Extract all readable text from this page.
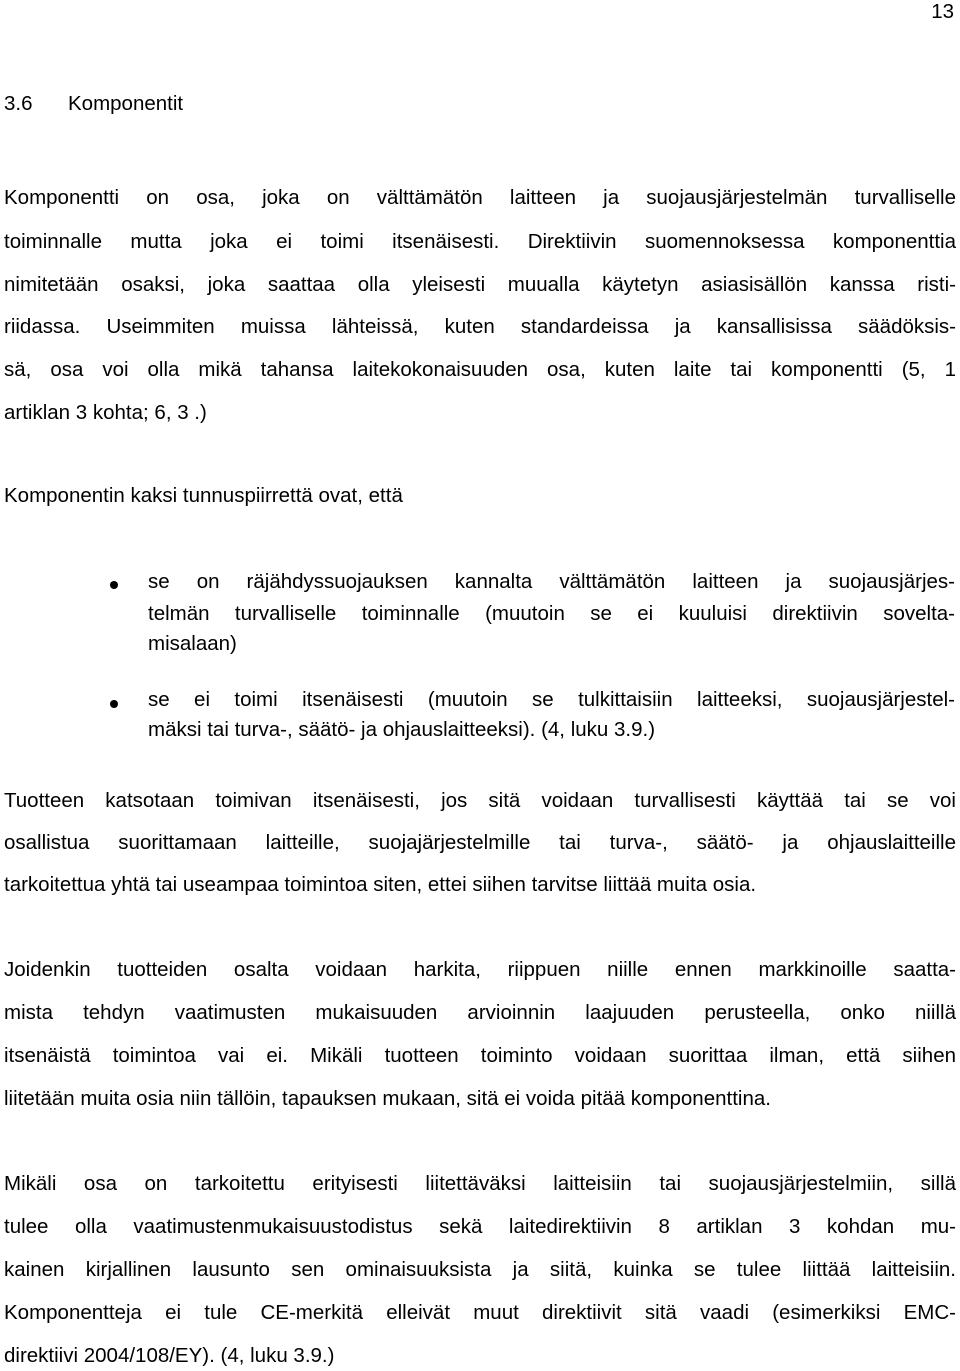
13
3.6 Komponentit
Komponentti on osa, joka on välttämätön laitteen ja suojausjärjestelmän turvalliselle
toiminnalle mutta joka ei toimi itsenäisesti. Direktiivin suomennoksessa komponenttia
nimitetään osaksi, joka saattaa olla yleisesti muualla käytetyn asiasisällön kanssa risti-
riidassa. Useimmiten muissa lähteissä, kuten standardeissa ja kansallisissa säädöksis-
sä, osa voi olla mikä tahansa laitekokonaisuuden osa, kuten laite tai komponentti (5, 1
artiklan 3 kohta; 6, 3 .)
Komponentin kaksi tunnuspiirrettä ovat, että
se on räjähdyssuojauksen kannalta välttämätön laitteen ja suojausjärjes-
telmän turvalliselle toiminnalle (muutoin se ei kuuluisi direktiivin sovelta-
misalaan)
se ei toimi itsenäisesti (muutoin se tulkittaisiin laitteeksi, suojausjärjestel-
mäksi tai turva-, säätö- ja ohjauslaitteeksi). (4, luku 3.9.)
Tuotteen katsotaan toimivan itsenäisesti, jos sitä voidaan turvallisesti käyttää tai se voi
osallistua suorittamaan laitteille, suojajärjestelmille tai turva-, säätö- ja ohjauslaitteille
tarkoitettua yhtä tai useampaa toimintoa siten, ettei siihen tarvitse liittää muita osia.
Joidenkin tuotteiden osalta voidaan harkita, riippuen niille ennen markkinoille saatta-
mista tehdyn vaatimusten mukaisuuden arvioinnin laajuuden perusteella, onko niillä
itsenäistä toimintoa vai ei. Mikäli tuotteen toiminto voidaan suorittaa ilman, että siihen
liitetään muita osia niin tällöin, tapauksen mukaan, sitä ei voida pitää komponenttina.
Mikäli osa on tarkoitettu erityisesti liitettäväksi laitteisiin tai suojausjärjestelmiin, sillä
tulee olla vaatimustenmukaisuustodistus sekä laitedirektiivin 8 artiklan 3 kohdan mu-
kainen kirjallinen lausunto sen ominaisuuksista ja siitä, kuinka se tulee liittää laitteisiin.
Komponentteja ei tule CE-merkitä elleivät muut direktiivit sitä vaadi (esimerkiksi EMC-
direktiivi 2004/108/EY). (4, luku 3.9.)
